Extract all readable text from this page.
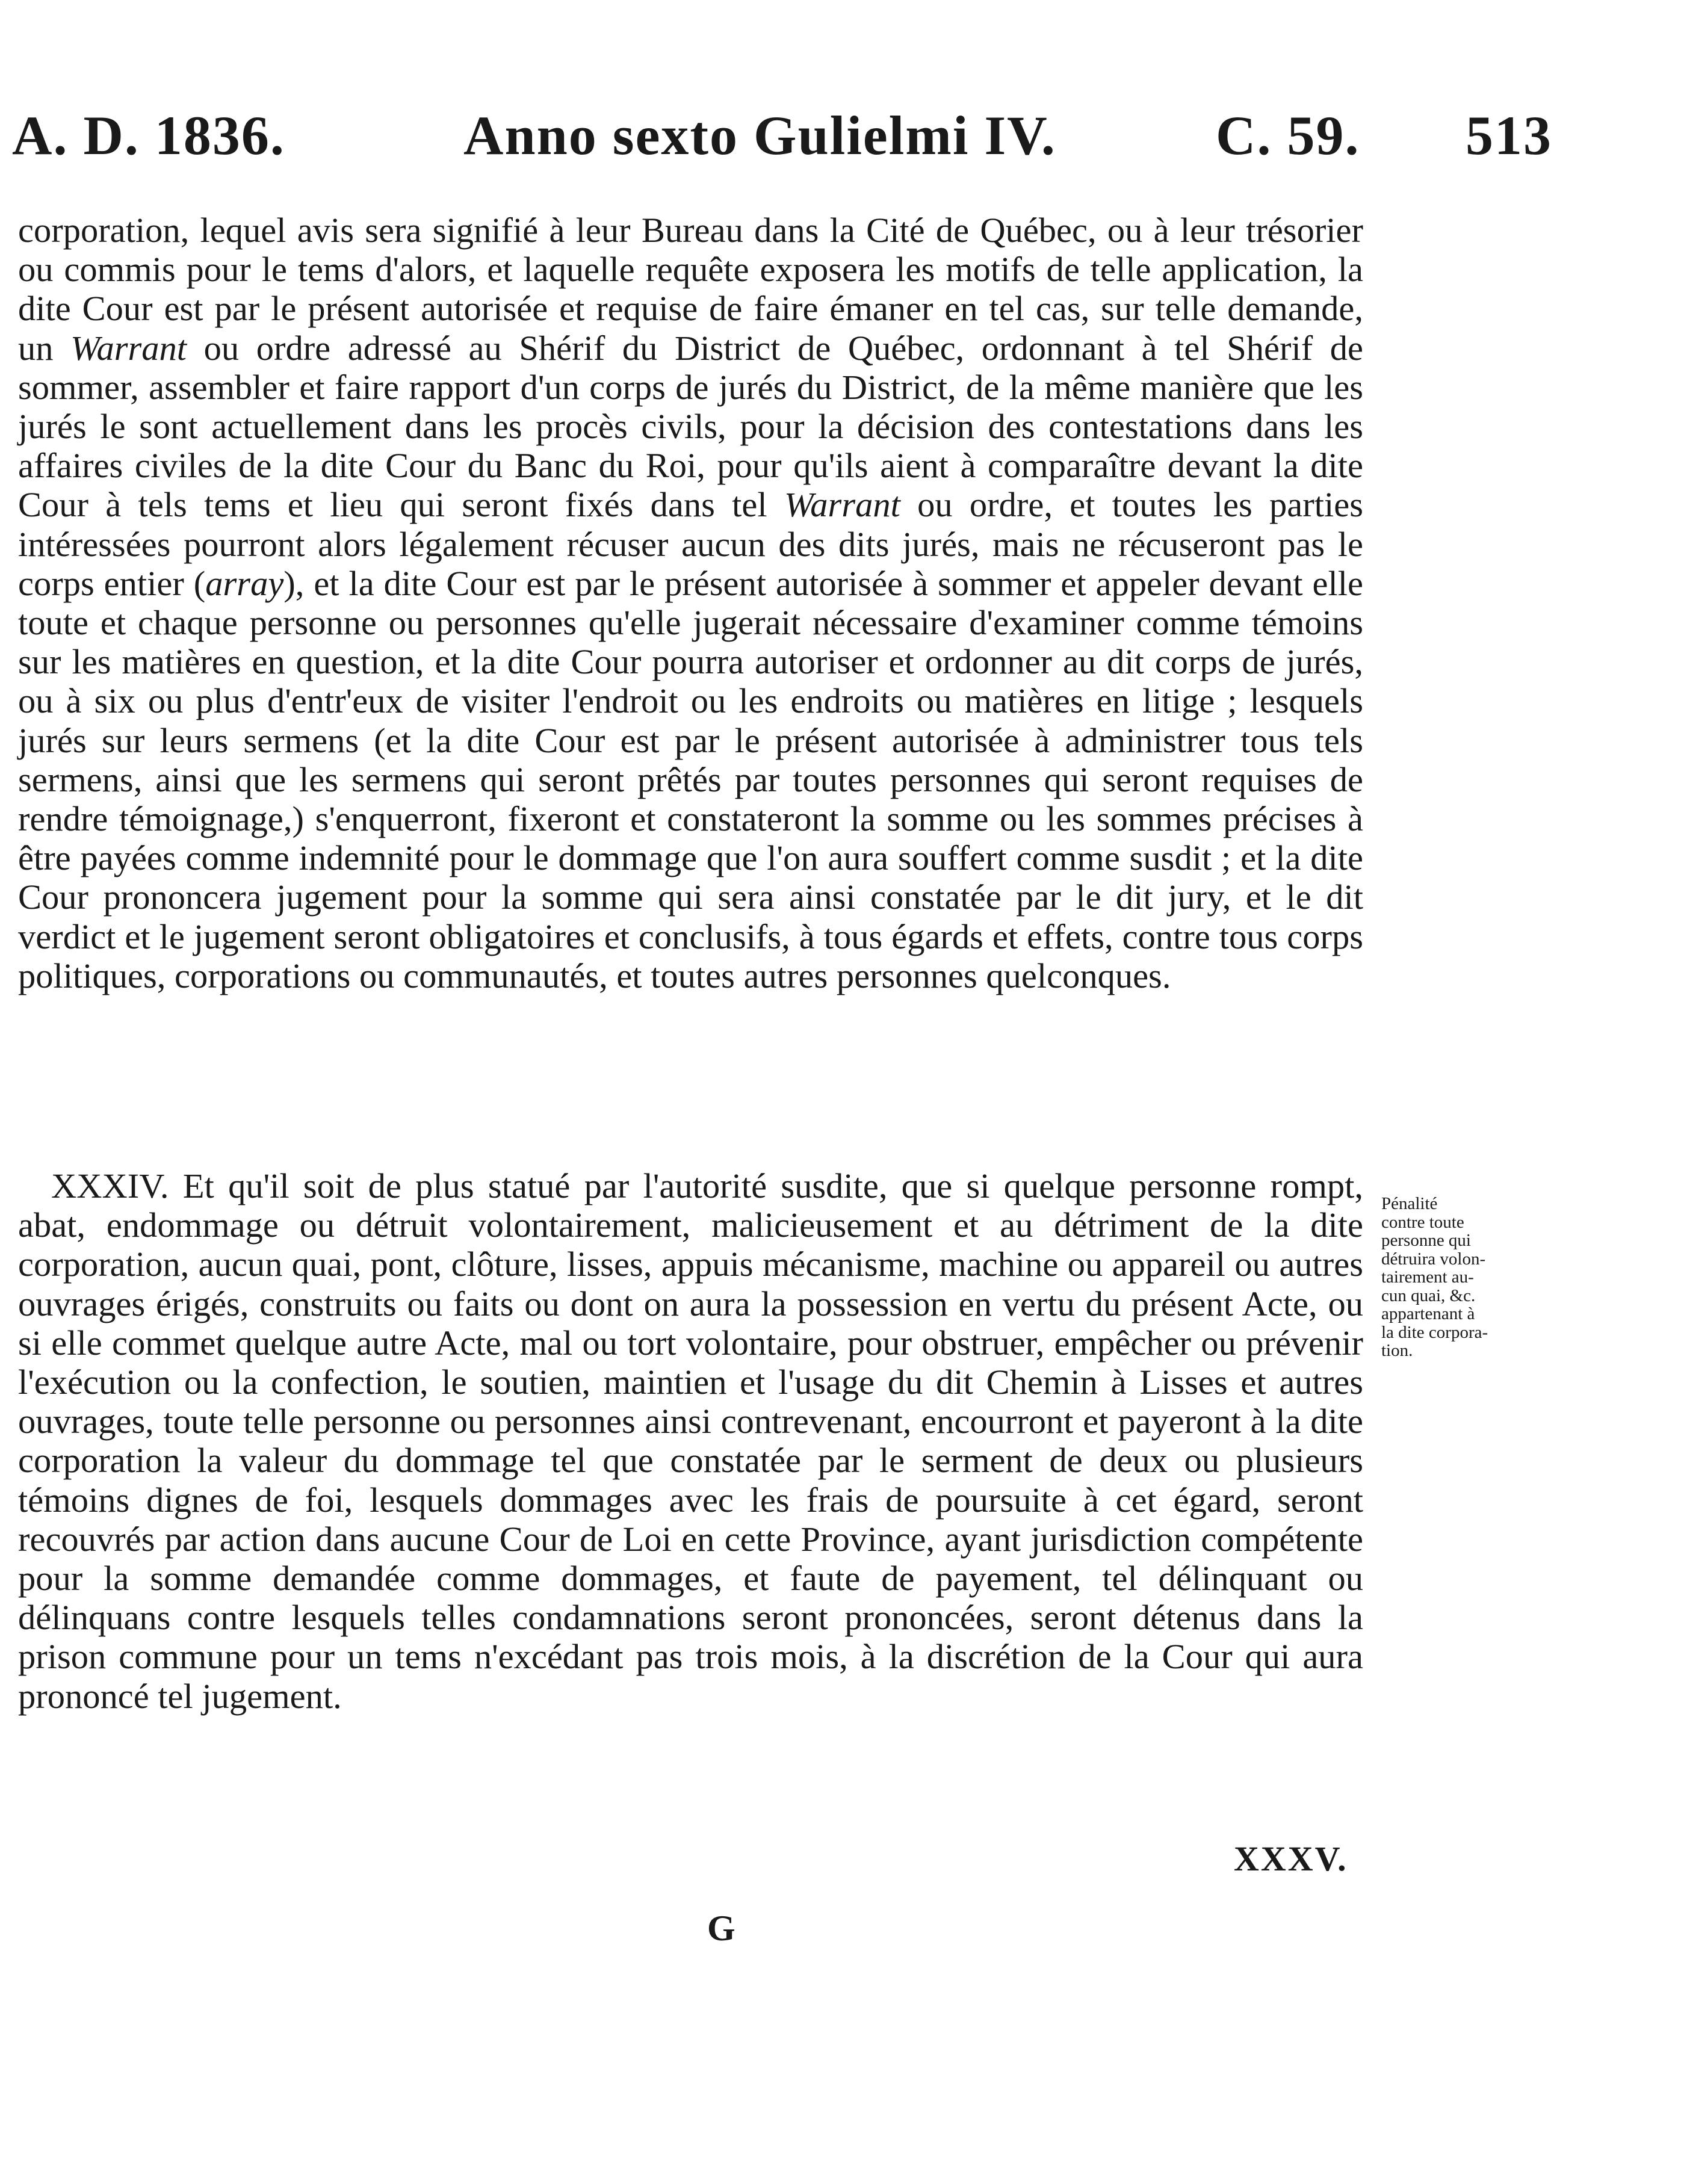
A. D. 1836.	Anno sexto Gulielmi IV.	C. 59. 513
corporation, lequel avis sera signifié à leur Bureau dans la Cité de Québec, ou à leur trésorier ou commis pour le tems d'alors, et laquelle requête exposera les motifs de telle application, la dite Cour est par le présent autorisée et requise de faire émaner en tel cas, sur telle demande, un Warrant ou ordre adressé au Shérif du District de Québec, ordonnant à tel Shérif de sommer, assembler et faire rapport d'un corps de jurés du District, de la même manière que les jurés le sont actuellement dans les procès civils, pour la décision des contestations dans les affaires civiles de la dite Cour du Banc du Roi, pour qu'ils aient à comparaître devant la dite Cour à tels tems et lieu qui seront fixés dans tel Warrant ou ordre, et toutes les parties intéressées pourront alors légalement récuser aucun des dits jurés, mais ne récuseront pas le corps entier (array), et la dite Cour est par le présent autorisée à sommer et appeler devant elle toute et chaque personne ou personnes qu'elle jugerait nécessaire d'examiner comme témoins sur les matières en question, et la dite Cour pourra autoriser et ordonner au dit corps de jurés, ou à six ou plus d'entr'eux de visiter l'endroit ou les endroits ou matières en litige ; lesquels jurés sur leurs sermens (et la dite Cour est par le présent autorisée à administrer tous tels sermens, ainsi que les sermens qui seront prêtés par toutes personnes qui seront requises de rendre témoignage,) s'enquerront, fixeront et constateront la somme ou les sommes précises à être payées comme indemnité pour le dommage que l'on aura souffert comme susdit ; et la dite Cour prononcera jugement pour la somme qui sera ainsi constatée par le dit jury, et le dit verdict et le jugement seront obligatoires et conclusifs, à tous égards et effets, contre tous corps politiques, corporations ou communautés, et toutes autres personnes quelconques.
XXXIV. Et qu'il soit de plus statué par l'autorité susdite, que si quelque personne rompt, abat, endommage ou détruit volontairement, malicieusement et au détriment de la dite corporation, aucun quai, pont, clôture, lisses, appuis mécanisme, machine ou appareil ou autres ouvrages érigés, construits ou faits ou dont on aura la possession en vertu du présent Acte, ou si elle commet quelque autre Acte, mal ou tort volontaire, pour obstruer, empêcher ou prévenir l'exécution ou la confection, le soutien, maintien et l'usage du dit Chemin à Lisses et autres ouvrages, toute telle personne ou personnes ainsi contrevenant, encourront et payeront à la dite corporation la valeur du dommage tel que constatée par le serment de deux ou plusieurs témoins dignes de foi, lesquels dommages avec les frais de poursuite à cet égard, seront recouvrés par action dans aucune Cour de Loi en cette Province, ayant jurisdiction compétente pour la somme demandée comme dommages, et faute de payement, tel délinquant ou délinquans contre lesquels telles condamnations seront prononcées, seront détenus dans la prison commune pour un tems n'excédant pas trois mois, à la discrétion de la Cour qui aura prononcé tel jugement.
Pénalité
contre toute
personne qui
détruira volon-
tairement au-
cun quai, &c.
appartenant à
la dite corpora-
tion.
XXXV.
G
